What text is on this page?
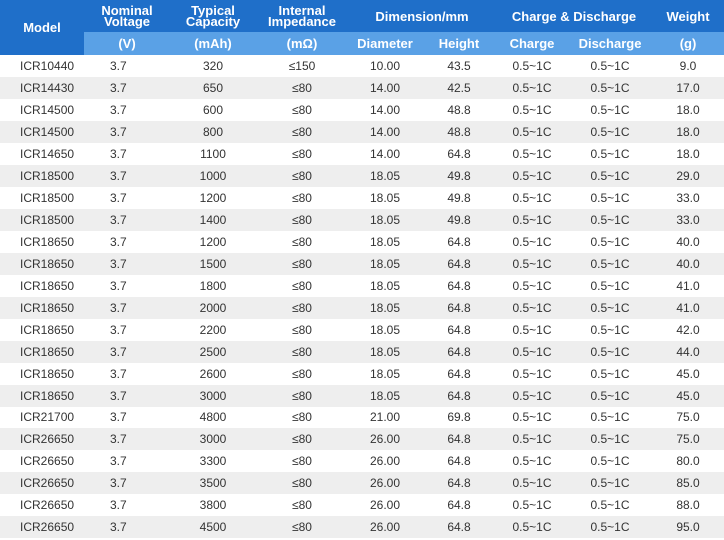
Model	Nominal Voltage	Typical Capacity	Internal Impedance	Dimension/mm		Charge & Discharge		Weight
	(V)	(mAh)	(mΩ)	Diameter	Height	Charge	Discharge	(g)
ICR10440	3.7	320	≤150	10.00	43.5	0.5~1C	0.5~1C	9.0
ICR14430	3.7	650	≤80	14.00	42.5	0.5~1C	0.5~1C	17.0
ICR14500	3.7	600	≤80	14.00	48.8	0.5~1C	0.5~1C	18.0
ICR14500	3.7	800	≤80	14.00	48.8	0.5~1C	0.5~1C	18.0
ICR14650	3.7	1100	≤80	14.00	64.8	0.5~1C	0.5~1C	18.0
ICR18500	3.7	1000	≤80	18.05	49.8	0.5~1C	0.5~1C	29.0
ICR18500	3.7	1200	≤80	18.05	49.8	0.5~1C	0.5~1C	33.0
ICR18500	3.7	1400	≤80	18.05	49.8	0.5~1C	0.5~1C	33.0
ICR18650	3.7	1200	≤80	18.05	64.8	0.5~1C	0.5~1C	40.0
ICR18650	3.7	1500	≤80	18.05	64.8	0.5~1C	0.5~1C	40.0
ICR18650	3.7	1800	≤80	18.05	64.8	0.5~1C	0.5~1C	41.0
ICR18650	3.7	2000	≤80	18.05	64.8	0.5~1C	0.5~1C	41.0
ICR18650	3.7	2200	≤80	18.05	64.8	0.5~1C	0.5~1C	42.0
ICR18650	3.7	2500	≤80	18.05	64.8	0.5~1C	0.5~1C	44.0
ICR18650	3.7	2600	≤80	18.05	64.8	0.5~1C	0.5~1C	45.0
ICR18650	3.7	3000	≤80	18.05	64.8	0.5~1C	0.5~1C	45.0
ICR21700	3.7	4800	≤80	21.00	69.8	0.5~1C	0.5~1C	75.0
ICR26650	3.7	3000	≤80	26.00	64.8	0.5~1C	0.5~1C	75.0
ICR26650	3.7	3300	≤80	26.00	64.8	0.5~1C	0.5~1C	80.0
ICR26650	3.7	3500	≤80	26.00	64.8	0.5~1C	0.5~1C	85.0
ICR26650	3.7	3800	≤80	26.00	64.8	0.5~1C	0.5~1C	88.0
ICR26650	3.7	4500	≤80	26.00	64.8	0.5~1C	0.5~1C	95.0
